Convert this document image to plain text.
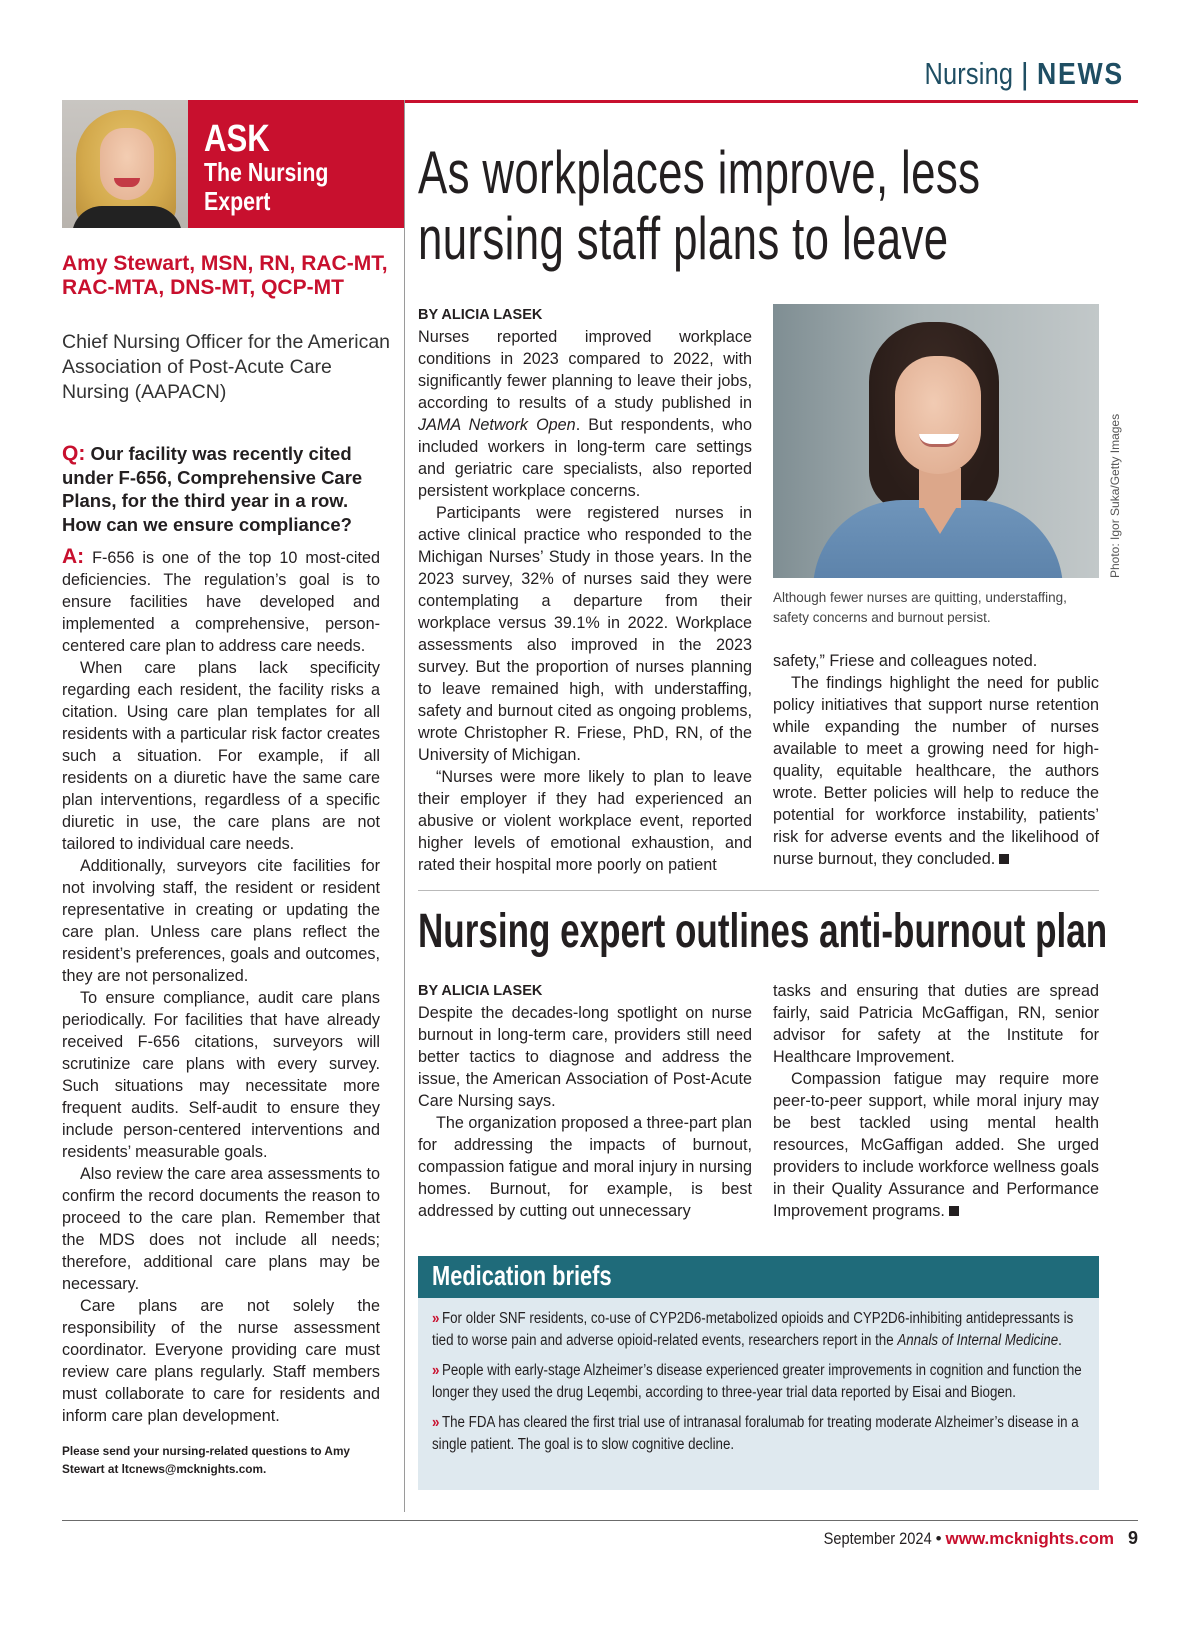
Nursing | NEWS
ASK
The Nursing Expert
Amy Stewart, MSN, RN, RAC-MT, RAC-MTA, DNS-MT, QCP-MT
Chief Nursing Officer for the American Association of Post-Acute Care Nursing (AAPACN)
Q: Our facility was recently cited under F-656, Comprehensive Care Plans, for the third year in a row. How can we ensure compliance?

A: F-656 is one of the top 10 most-cited deficiencies. The regulation’s goal is to ensure facilities have developed and implemented a comprehensive, person-centered care plan to address care needs.

When care plans lack specificity regarding each resident, the facility risks a citation. Using care plan templates for all residents with a particular risk factor creates such a situation. For example, if all residents on a diuretic have the same care plan interventions, regardless of a specific diuretic in use, the care plans are not tailored to individual care needs.

Additionally, surveyors cite facilities for not involving staff, the resident or resident representative in creating or updating the care plan. Unless care plans reflect the resident’s preferences, goals and outcomes, they are not personalized.

To ensure compliance, audit care plans periodically. For facilities that have already received F-656 citations, surveyors will scrutinize care plans with every survey. Such situations may necessitate more frequent audits. Self-audit to ensure they include person-centered interventions and residents’ measurable goals.

Also review the care area assessments to confirm the record documents the reason to proceed to the care plan. Remember that the MDS does not include all needs; therefore, additional care plans may be necessary.

Care plans are not solely the responsibility of the nurse assessment coordinator. Everyone providing care must review care plans regularly. Staff members must collaborate to care for residents and inform care plan development.

Please send your nursing-related questions to Amy Stewart at ltcnews@mcknights.com.
As workplaces improve, less
nursing staff plans to leave
BY ALICIA LASEK

Nurses reported improved workplace conditions in 2023 compared to 2022, with significantly fewer planning to leave their jobs, according to results of a study published in JAMA Network Open. But respondents, who included workers in long-term care settings and geriatric care specialists, also reported persistent workplace concerns.

Participants were registered nurses in active clinical practice who responded to the Michigan Nurses’ Study in those years. In the 2023 survey, 32% of nurses said they were contemplating a departure from their workplace versus 39.1% in 2022. Workplace assessments also improved in the 2023 survey. But the proportion of nurses planning to leave remained high, with understaffing, safety and burnout cited as ongoing problems, wrote Christopher R. Friese, PhD, RN, of the University of Michigan.

“Nurses were more likely to plan to leave their employer if they had experienced an abusive or violent workplace event, reported higher levels of emotional exhaustion, and rated their hospital more poorly on patient

Photo: Igor Suka/Getty Images
Although fewer nurses are quitting, understaffing, safety concerns and burnout persist.

safety,” Friese and colleagues noted.

The findings highlight the need for public policy initiatives that support nurse retention while expanding the number of nurses available to meet a growing need for high-quality, equitable healthcare, the authors wrote. Better policies will help to reduce the potential for workforce instability, patients’ risk for adverse events and the likelihood of nurse burnout, they concluded.

Nursing expert outlines anti-burnout plan
BY ALICIA LASEK

Despite the decades-long spotlight on nurse burnout in long-term care, providers still need better tactics to diagnose and address the issue, the American Association of Post-Acute Care Nursing says.

The organization proposed a three-part plan for addressing the impacts of burnout, compassion fatigue and moral injury in nursing homes. Burnout, for example, is best addressed by cutting out unnecessary

tasks and ensuring that duties are spread fairly, said Patricia McGaffigan, RN, senior advisor for safety at the Institute for Healthcare Improvement.

Compassion fatigue may require more peer-to-peer support, while moral injury may be best tackled using mental health resources, McGaffigan added. She urged providers to include workforce wellness goals in their Quality Assurance and Performance Improvement programs.

Medication briefs
» For older SNF residents, co-use of CYP2D6-metabolized opioids and CYP2D6-inhibiting antidepressants is tied to worse pain and adverse opioid-related events, researchers report in the Annals of Internal Medicine.
» People with early-stage Alzheimer’s disease experienced greater improvements in cognition and function the longer they used the drug Leqembi, according to three-year trial data reported by Eisai and Biogen.
» The FDA has cleared the first trial use of intranasal foralumab for treating moderate Alzheimer’s disease in a single patient. The goal is to slow cognitive decline.
September 2024 • www.mcknights.com 9
